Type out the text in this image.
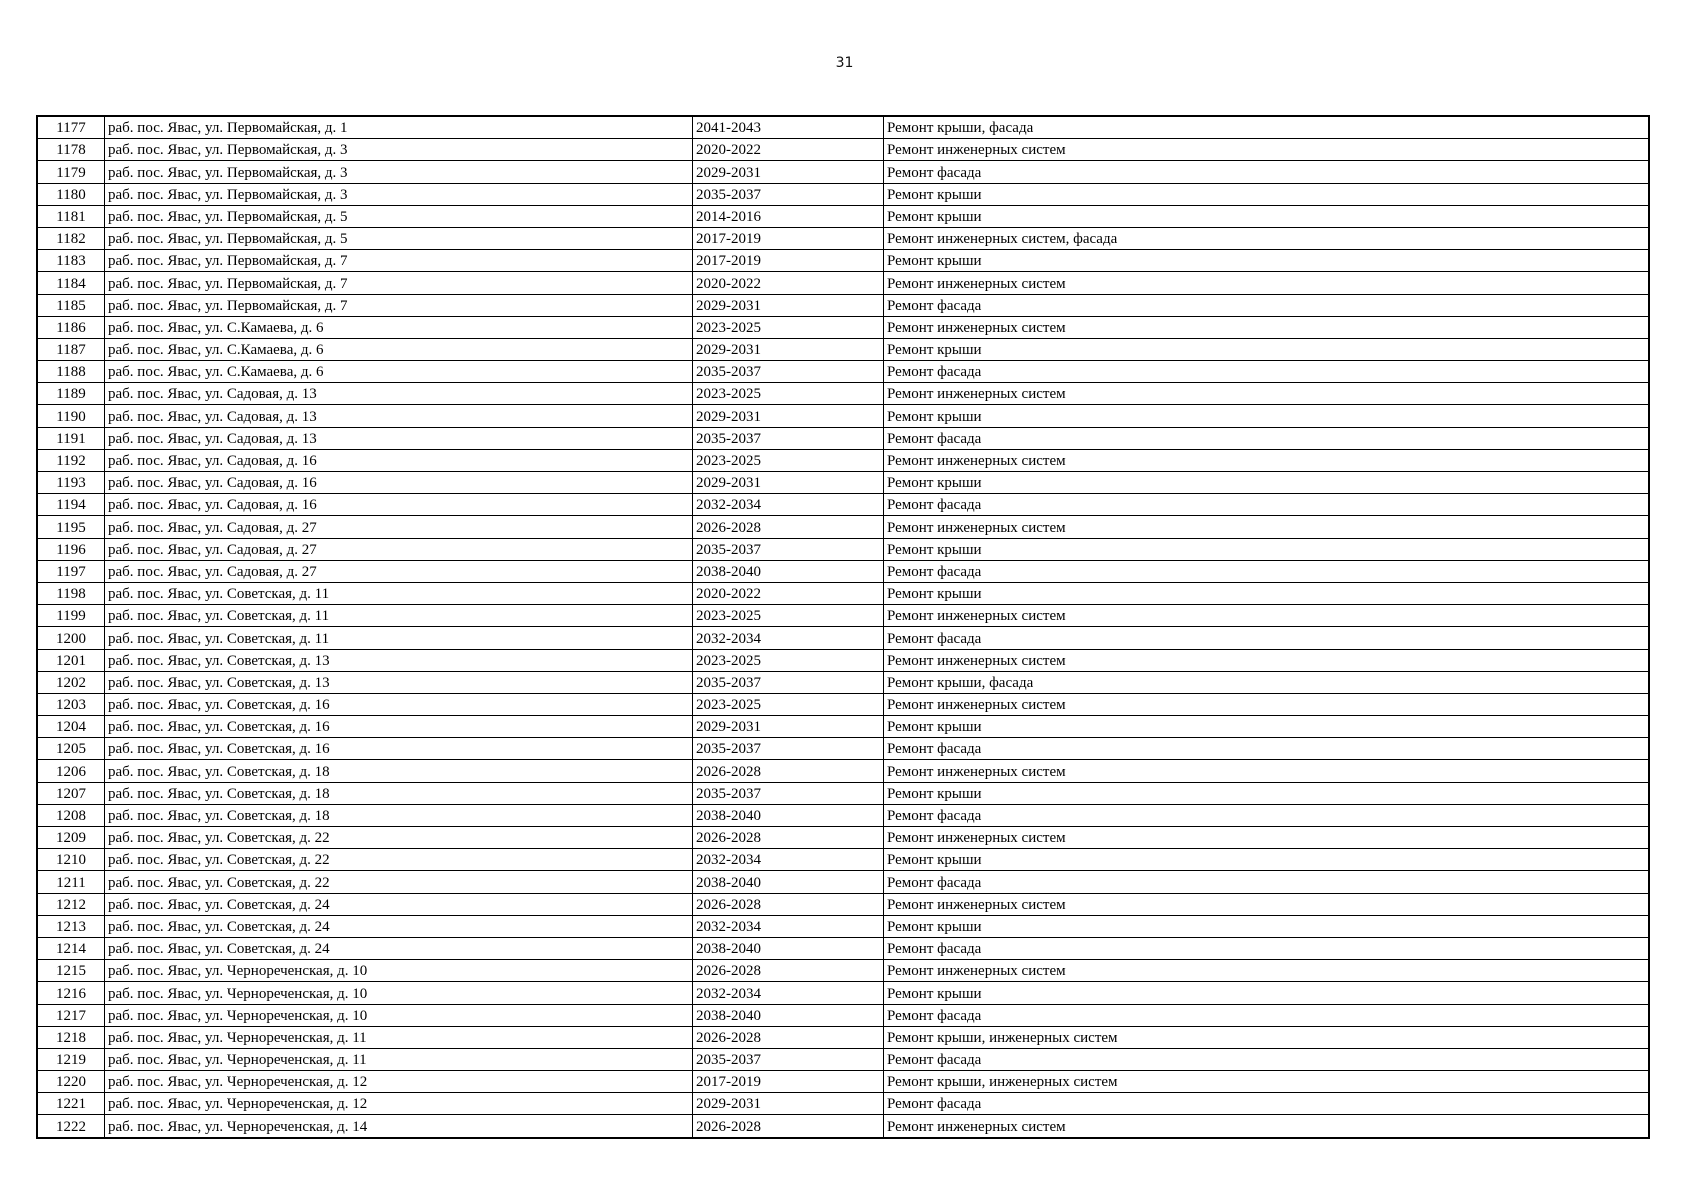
31
1177	раб. пос. Явас, ул. Первомайская, д. 1	2041-2043	Ремонт крыши, фасада
1178	раб. пос. Явас, ул. Первомайская, д. 3	2020-2022	Ремонт инженерных систем
1179	раб. пос. Явас, ул. Первомайская, д. 3	2029-2031	Ремонт фасада
1180	раб. пос. Явас, ул. Первомайская, д. 3	2035-2037	Ремонт крыши
1181	раб. пос. Явас, ул. Первомайская, д. 5	2014-2016	Ремонт крыши
1182	раб. пос. Явас, ул. Первомайская, д. 5	2017-2019	Ремонт инженерных систем, фасада
1183	раб. пос. Явас, ул. Первомайская, д. 7	2017-2019	Ремонт крыши
1184	раб. пос. Явас, ул. Первомайская, д. 7	2020-2022	Ремонт инженерных систем
1185	раб. пос. Явас, ул. Первомайская, д. 7	2029-2031	Ремонт фасада
1186	раб. пос. Явас, ул. С.Камаева, д. 6	2023-2025	Ремонт инженерных систем
1187	раб. пос. Явас, ул. С.Камаева, д. 6	2029-2031	Ремонт крыши
1188	раб. пос. Явас, ул. С.Камаева, д. 6	2035-2037	Ремонт фасада
1189	раб. пос. Явас, ул. Садовая, д. 13	2023-2025	Ремонт инженерных систем
1190	раб. пос. Явас, ул. Садовая, д. 13	2029-2031	Ремонт крыши
1191	раб. пос. Явас, ул. Садовая, д. 13	2035-2037	Ремонт фасада
1192	раб. пос. Явас, ул. Садовая, д. 16	2023-2025	Ремонт инженерных систем
1193	раб. пос. Явас, ул. Садовая, д. 16	2029-2031	Ремонт крыши
1194	раб. пос. Явас, ул. Садовая, д. 16	2032-2034	Ремонт фасада
1195	раб. пос. Явас, ул. Садовая, д. 27	2026-2028	Ремонт инженерных систем
1196	раб. пос. Явас, ул. Садовая, д. 27	2035-2037	Ремонт крыши
1197	раб. пос. Явас, ул. Садовая, д. 27	2038-2040	Ремонт фасада
1198	раб. пос. Явас, ул. Советская, д. 11	2020-2022	Ремонт крыши
1199	раб. пос. Явас, ул. Советская, д. 11	2023-2025	Ремонт инженерных систем
1200	раб. пос. Явас, ул. Советская, д. 11	2032-2034	Ремонт фасада
1201	раб. пос. Явас, ул. Советская, д. 13	2023-2025	Ремонт инженерных систем
1202	раб. пос. Явас, ул. Советская, д. 13	2035-2037	Ремонт крыши, фасада
1203	раб. пос. Явас, ул. Советская, д. 16	2023-2025	Ремонт инженерных систем
1204	раб. пос. Явас, ул. Советская, д. 16	2029-2031	Ремонт крыши
1205	раб. пос. Явас, ул. Советская, д. 16	2035-2037	Ремонт фасада
1206	раб. пос. Явас, ул. Советская, д. 18	2026-2028	Ремонт инженерных систем
1207	раб. пос. Явас, ул. Советская, д. 18	2035-2037	Ремонт крыши
1208	раб. пос. Явас, ул. Советская, д. 18	2038-2040	Ремонт фасада
1209	раб. пос. Явас, ул. Советская, д. 22	2026-2028	Ремонт инженерных систем
1210	раб. пос. Явас, ул. Советская, д. 22	2032-2034	Ремонт крыши
1211	раб. пос. Явас, ул. Советская, д. 22	2038-2040	Ремонт фасада
1212	раб. пос. Явас, ул. Советская, д. 24	2026-2028	Ремонт инженерных систем
1213	раб. пос. Явас, ул. Советская, д. 24	2032-2034	Ремонт крыши
1214	раб. пос. Явас, ул. Советская, д. 24	2038-2040	Ремонт фасада
1215	раб. пос. Явас, ул. Черноречeнская, д. 10	2026-2028	Ремонт инженерных систем
1216	раб. пос. Явас, ул. Черноречeнская, д. 10	2032-2034	Ремонт крыши
1217	раб. пос. Явас, ул. Черноречeнская, д. 10	2038-2040	Ремонт фасада
1218	раб. пос. Явас, ул. Черноречeнская, д. 11	2026-2028	Ремонт крыши, инженерных систем
1219	раб. пос. Явас, ул. Черноречeнская, д. 11	2035-2037	Ремонт фасада
1220	раб. пос. Явас, ул. Черноречeнская, д. 12	2017-2019	Ремонт крыши, инженерных систем
1221	раб. пос. Явас, ул. Черноречeнская, д. 12	2029-2031	Ремонт фасада
1222	раб. пос. Явас, ул. Черноречeнская, д. 14	2026-2028	Ремонт инженерных систем
